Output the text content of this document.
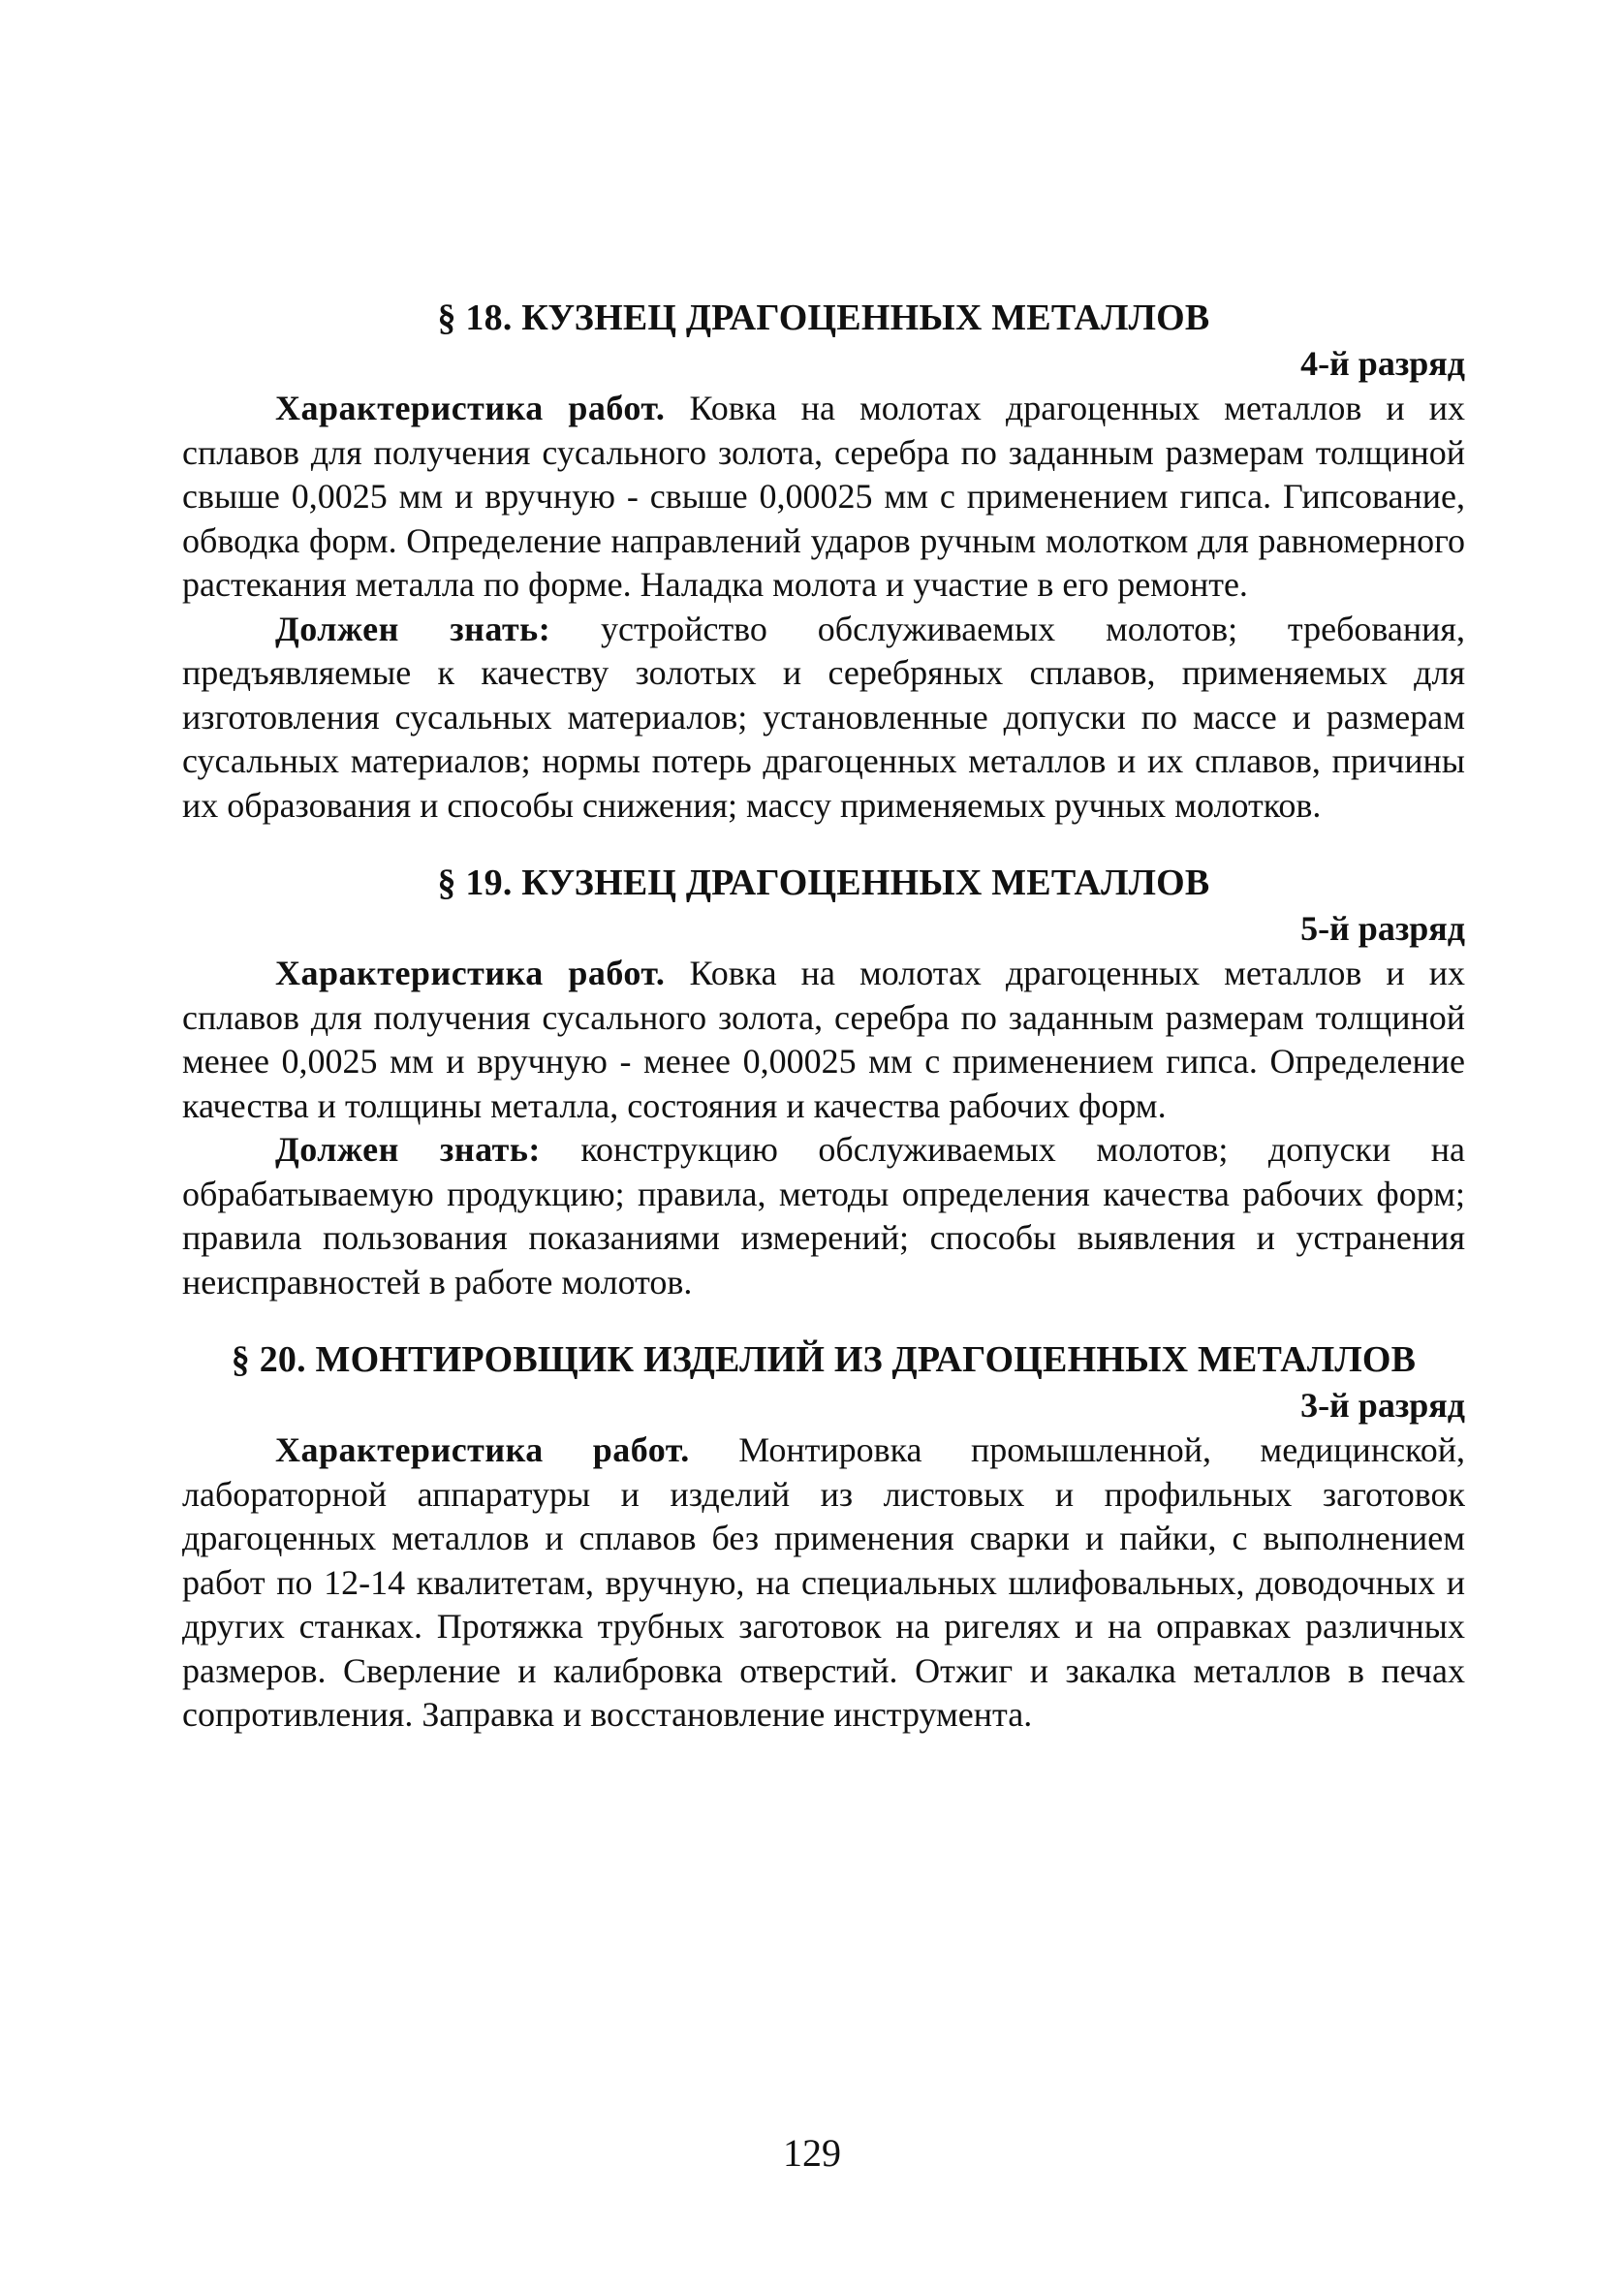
§ 18. КУЗНЕЦ ДРАГОЦЕННЫХ МЕТАЛЛОВ

4-й разряд

Характеристика работ. Ковка на молотах драгоценных металлов и их сплавов для получения сусального золота, серебра по заданным размерам толщиной свыше 0,0025 мм и вручную - свыше 0,00025 мм с применением гипса. Гипсование, обводка форм. Определение направлений ударов ручным молотком для равномерного растекания металла по форме. Наладка молота и участие в его ремонте.

Должен знать: устройство обслуживаемых молотов; требования, предъявляемые к качеству золотых и серебряных сплавов, применяемых для изготовления сусальных материалов; установленные допуски по массе и размерам сусальных материалов; нормы потерь драгоценных металлов и их сплавов, причины их образования и способы снижения; массу применяемых ручных молотков.

§ 19. КУЗНЕЦ ДРАГОЦЕННЫХ МЕТАЛЛОВ

5-й разряд

Характеристика работ. Ковка на молотах драгоценных металлов и их сплавов для получения сусального золота, серебра по заданным размерам толщиной менее 0,0025 мм и вручную - менее 0,00025 мм с применением гипса. Определение качества и толщины металла, состояния и качества рабочих форм.

Должен знать: конструкцию обслуживаемых молотов; допуски на обрабатываемую продукцию; правила, методы определения качества рабочих форм; правила пользования показаниями измерений; способы выявления и устранения неисправностей в работе молотов.

§ 20. МОНТИРОВЩИК ИЗДЕЛИЙ ИЗ ДРАГОЦЕННЫХ МЕТАЛЛОВ

3-й разряд

Характеристика работ. Монтировка промышленной, медицинской, лабораторной аппаратуры и изделий из листовых и профильных заготовок драгоценных металлов и сплавов без применения сварки и пайки, с выполнением работ по 12-14 квалитетам, вручную, на специальных шлифовальных, доводочных и других станках. Протяжка трубных заготовок на ригелях и на оправках различных размеров. Сверление и калибровка отверстий. Отжиг и закалка металлов в печах сопротивления. Заправка и восстановление инструмента.

129
